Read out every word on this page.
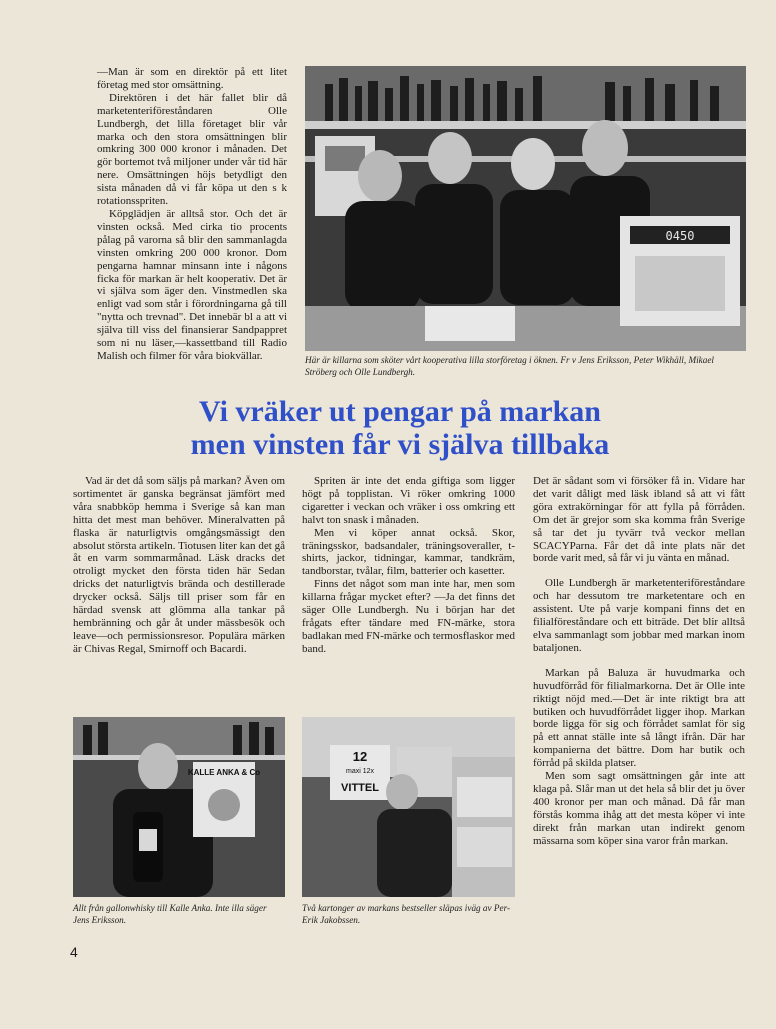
—Man är som en direktör på ett litet företag med stor omsättning.

Direktören i det här fallet blir då marketenteriföreståndaren Olle Lundbergh, det lilla företaget blir vår marka och den stora omsättningen blir omkring 300 000 kronor i månaden. Det gör bortemot två miljoner under vår tid här nere. Omsättningen höjs betydligt den sista månaden då vi får köpa ut den s k rotationsspriten.

Köpglädjen är alltså stor. Och det är vinsten också. Med cirka tio procents pålag på varorna så blir den sammanlagda vinsten omkring 200 000 kronor. Dom pengarna hamnar minsann inte i någons ficka för markan är helt kooperativ. Det är vi själva som äger den. Vinstmedlen ska enligt vad som står i förordningarna gå till "nytta och trevnad". Det innebär bl a att vi själva till viss del finansierar Sandpappret som ni nu läser,—kassettband till Radio Malish och filmer för våra biokvällar.

0450
Här är killarna som sköter vårt kooperativa lilla storföretag i öknen. Fr v Jens Eriksson, Peter Wikhäll, Mikael Ströberg och Olle Lundbergh.
Vi vräker ut pengar på markan
men vinsten får vi själva tillbaka

Vad är det då som säljs på markan? Även om sortimentet är ganska begränsat jämfört med våra snabbköp hemma i Sverige så kan man hitta det mest man behöver. Mineralvatten på flaska är naturligtvis omgångsmässigt den absolut största artikeln. Tiotusen liter kan det gå åt en varm sommarmånad. Läsk dracks det otroligt mycket den första tiden här Sedan dricks det naturligtvis brända och destillerade drycker också. Säljs till priser som får en härdad svensk att glömma alla tankar på hembränning och går åt under mässbesök och leave—och permissionsresor. Populära märken är Chivas Regal, Smirnoff och Bacardi.

Spriten är inte det enda giftiga som ligger högt på topplistan. Vi röker omkring 1000 cigaretter i veckan och vräker i oss omkring ett halvt ton snask i månaden.

Men vi köper annat också. Skor, träningsskor, badsandaler, träningsoveraller, t-shirts, jackor, tidningar, kammar, tandkräm, tandborstar, tvålar, film, batterier och kasetter.

Finns det något som man inte har, men som killarna frågar mycket efter? —Ja det finns det säger Olle Lundbergh. Nu i början har det frågats efter tändare med FN-märke, stora badlakan med FN-märke och termosflaskor med band.

Det är sådant som vi försöker få in. Vidare har det varit dåligt med läsk ibland så att vi fått göra extrakörningar för att fylla på förråden. Om det är grejor som ska komma från Sverige så tar det ju tyvärr två veckor mellan SCACYParna. Får det då inte plats när det borde varit med, så får vi ju vänta en månad.

Olle Lundbergh är marketenteriföreståndare och har dessutom tre marketentare och en assistent. Ute på varje kompani finns det en filialföreståndare och ett biträde. Det blir alltså elva sammanlagt som jobbar med markan inom bataljonen.

Markan på Baluza är huvudmarka och huvudförråd för filialmarkorna. Det är Olle inte riktigt nöjd med.—Det är inte riktigt bra att butiken och huvudförrådet ligger ihop. Markan borde ligga för sig och förrådet samlat för sig på ett annat ställe inte så långt ifrån. Där har kompanierna det bättre. Dom har butik och förråd på skilda platser.

Men som sagt omsättningen går inte att klaga på. Slår man ut det hela så blir det ju över 400 kronor per man och månad. Då får man förstås komma ihåg att det mesta köper vi inte direkt från markan utan indirekt genom mässarna som köper sina varor från markan.

KALLE ANKA & Co
Allt från gallonwhisky till Kalle Anka. Inte illa säger Jens Eriksson.
12
maxi 12x
VITTEL
Två kartonger av markans bestseller släpas iväg av Per-Erik Jakobssen.
4
